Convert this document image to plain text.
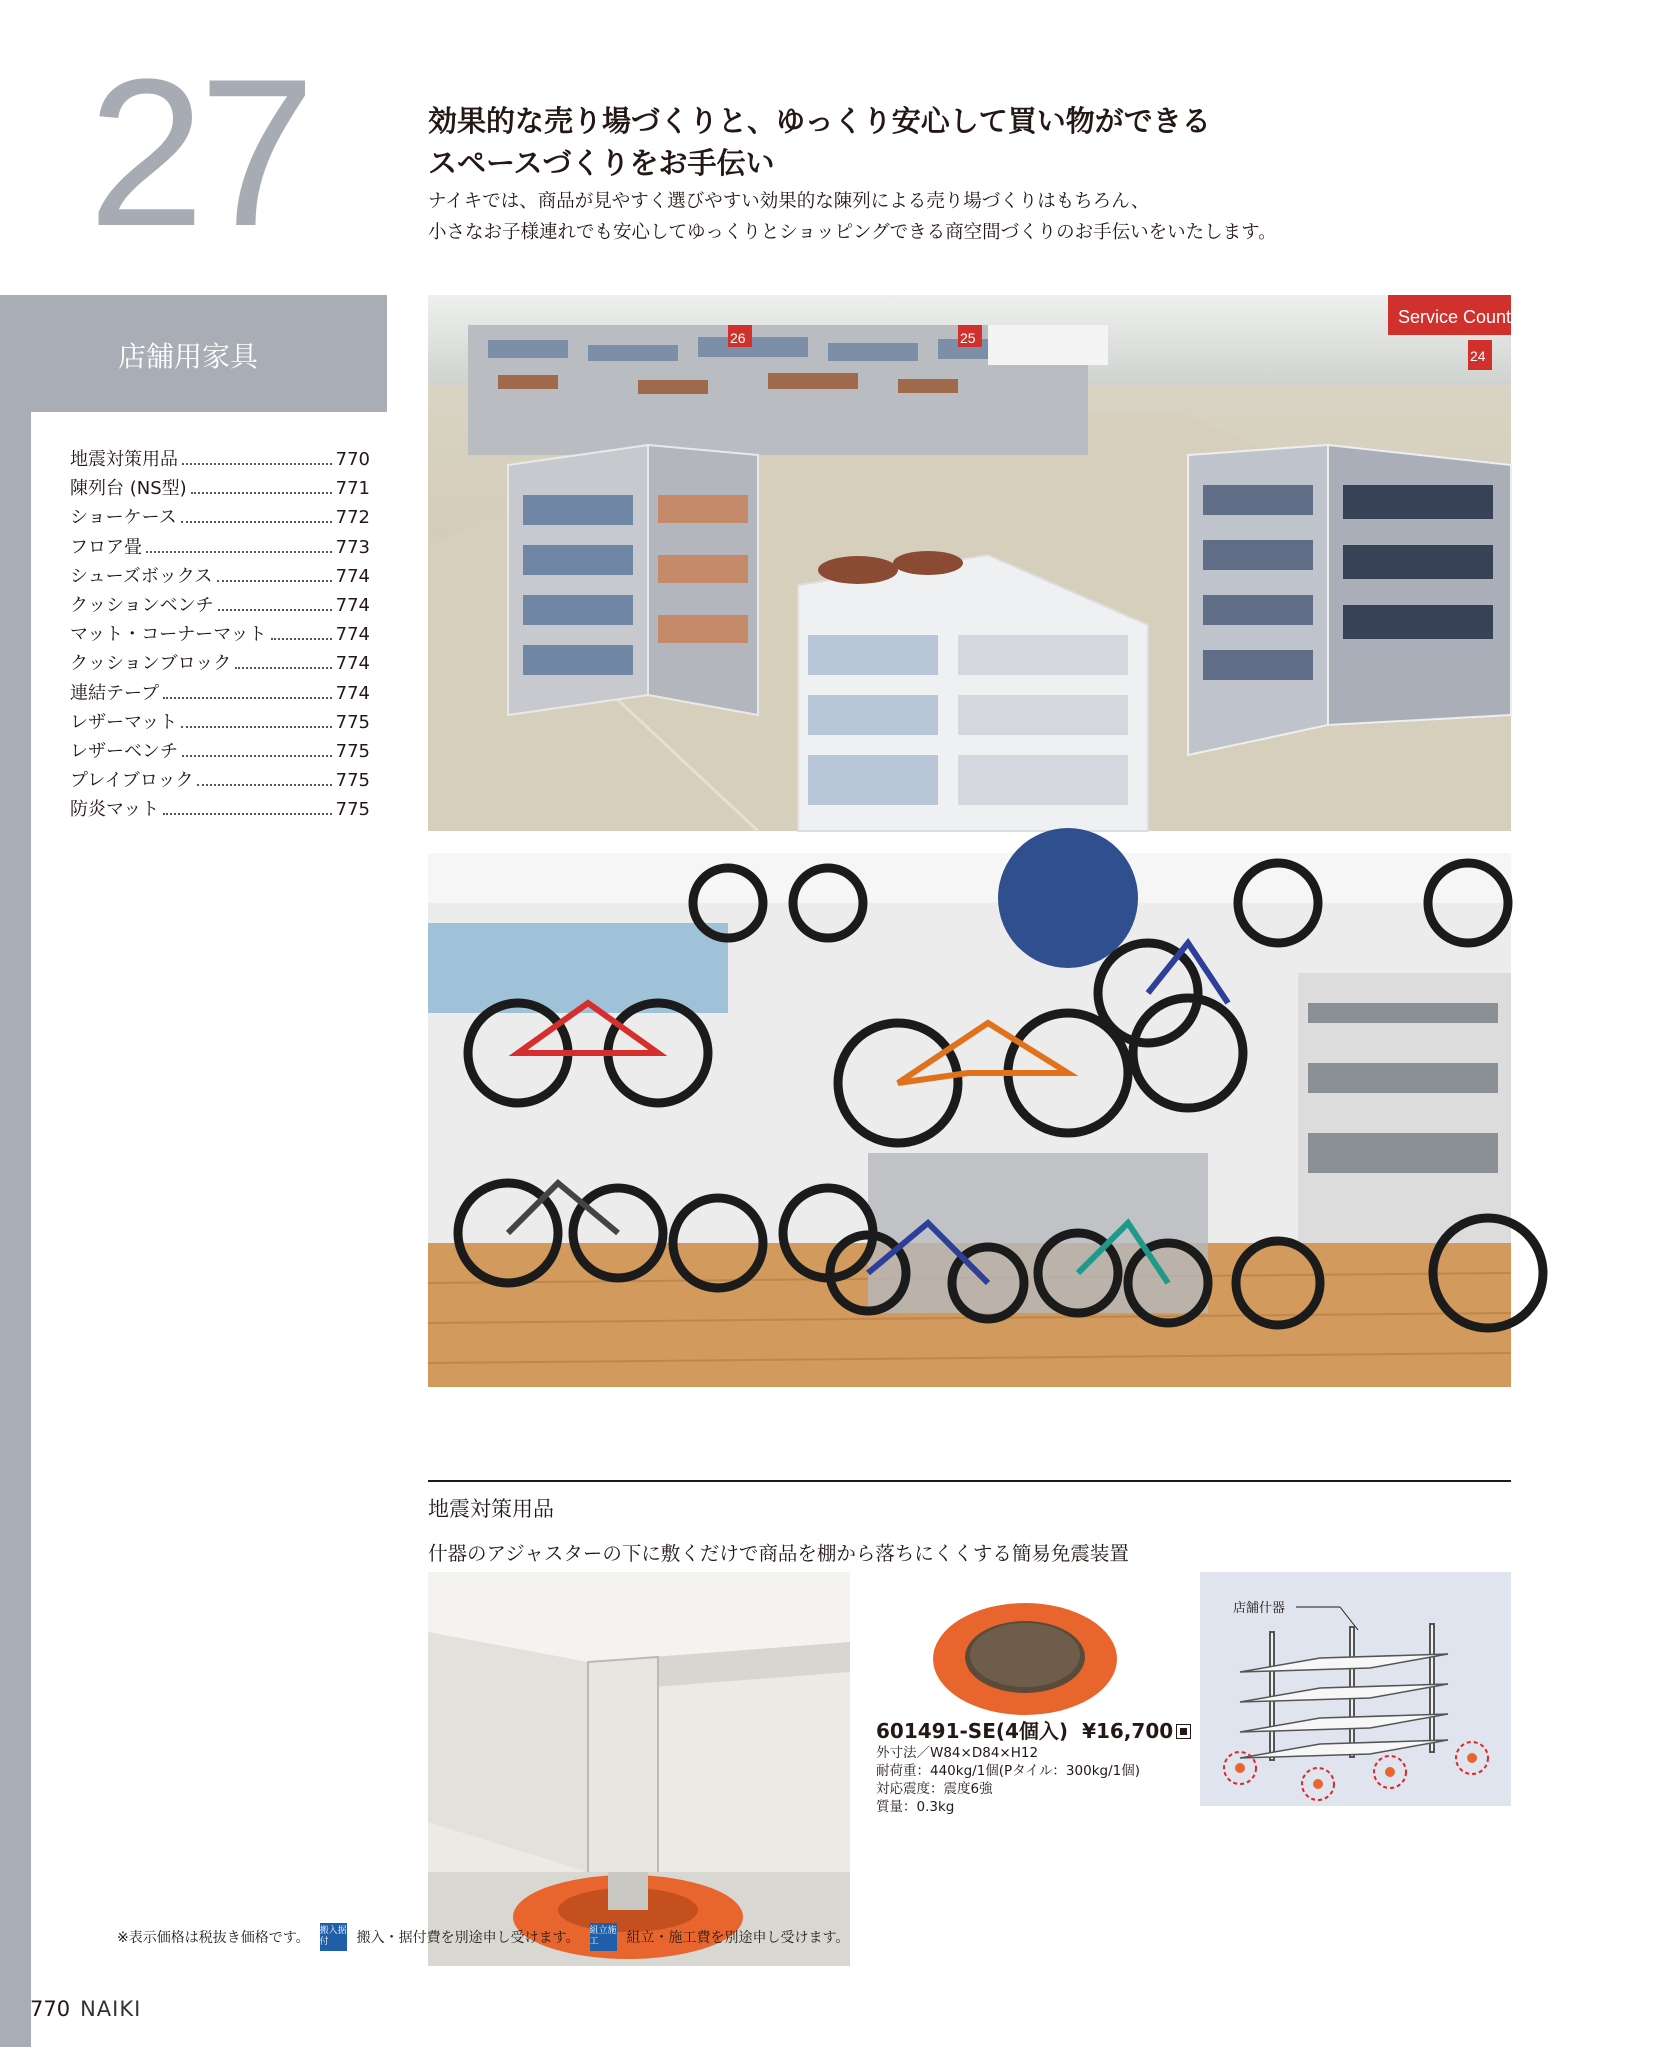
27
店舗用家具
地震対策用品	770
陳列台 (NS型)	771
ショーケース	772
フロア畳	773
シューズボックス	774
クッションベンチ	774
マット・コーナーマット	774
クッションブロック	774
連結テープ	774
レザーマット	775
レザーベンチ	775
プレイブロック	775
防炎マット	775
効果的な売り場づくりと、ゆっくり安心して買い物ができる
スペースづくりをお手伝い
ナイキでは、商品が見やすく選びやすい効果的な陳列による売り場づくりはもちろん、
小さなお子様連れでも安心してゆっくりとショッピングできる商空間づくりのお手伝いをいたします。
Service Counter
25
26
24
地震対策用品
什器のアジャスターの下に敷くだけで商品を棚から落ちにくくする簡易免震装置
601491-SE(4個入) ¥16,700
外寸法／W84×D84×H12
耐荷重：440kg/1個(Pタイル：300kg/1個)
対応震度：震度6強
質量：0.3kg
店舗什器
※表示価格は税抜き価格です。 搬入据付	搬入・据付費を別途申し受けます。 組立施工	組立・施工費を別途申し受けます。
770 NAIKI
